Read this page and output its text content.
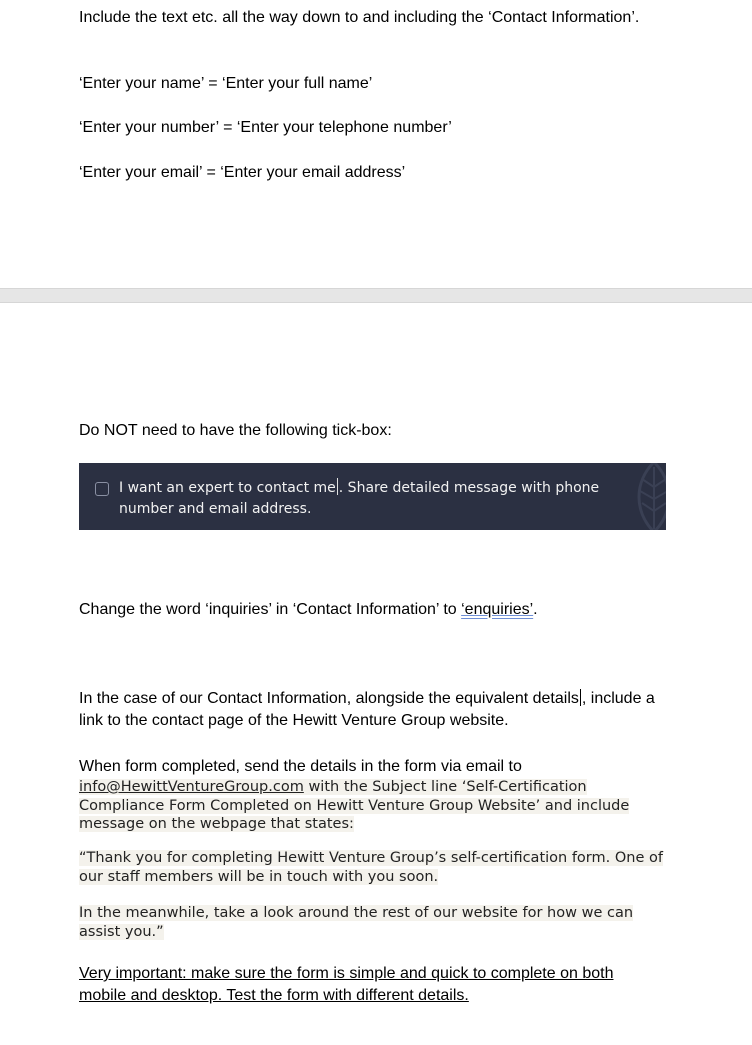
Include the text etc. all the way down to and including the ‘Contact Information’.

‘Enter your name’ = ‘Enter your full name’

‘Enter your number’ = ‘Enter your telephone number’

‘Enter your email’ = ‘Enter your email address’

Do NOT need to have the following tick-box:

I want an expert to contact me . Share detailed message with phone number and email address.

Change the word ‘inquiries’ in ‘Contact Information’ to ‘enquiries’.

In the case of our Contact Information, alongside the equivalent details , include a link to the contact page of the Hewitt Venture Group website.

When form completed, send the details in the form via email to
info@HewittVentureGroup.com with the Subject line ‘Self-Certification Compliance Form Completed on Hewitt Venture Group Website’ and include message on the webpage that states:

“Thank you for completing Hewitt Venture Group’s self-certification form. One of our staff members will be in touch with you soon.

In the meanwhile, take a look around the rest of our website for how we can assist you.”

Very important: make sure the form is simple and quick to complete on both mobile and desktop. Test the form with different details.
